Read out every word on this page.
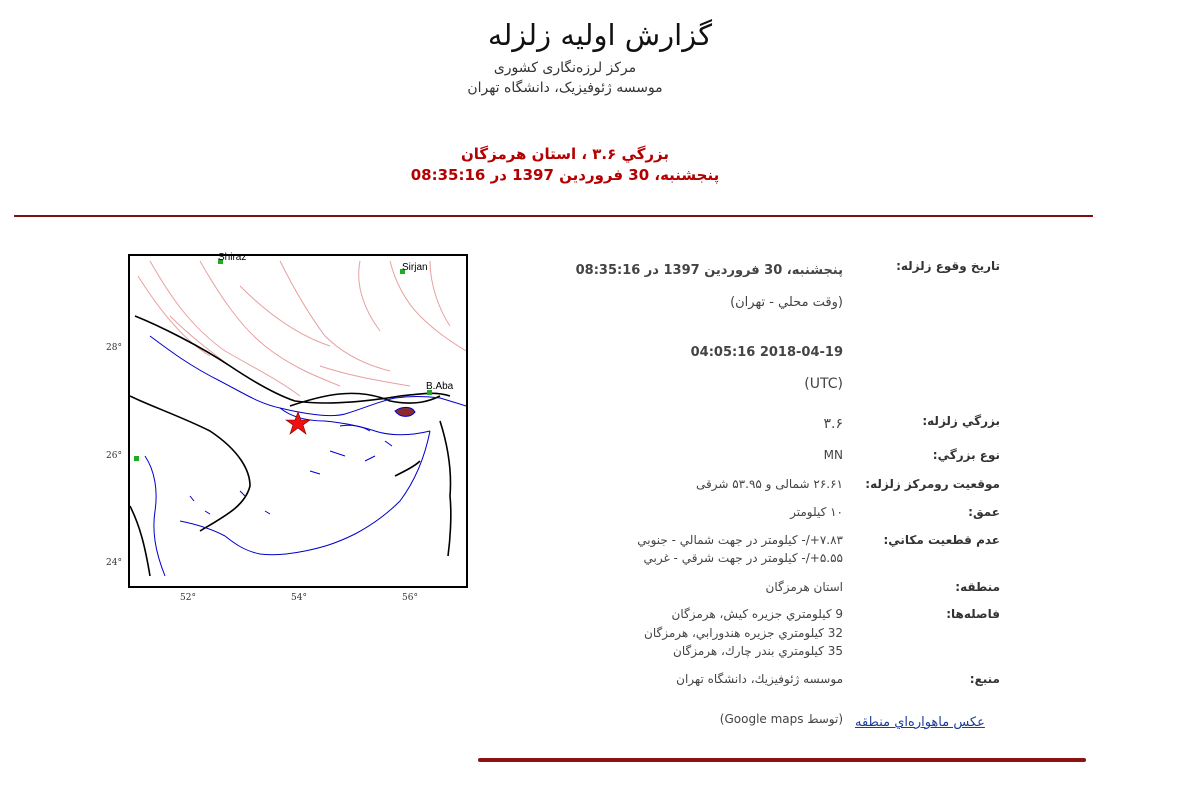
گزارش اولیه زلزله
مرکز لرزه‌نگاری کشوری
موسسه ژئوفیزیک، دانشگاه تهران
بزرگي ۳.۶ ، استان هرمزگان
پنجشنبه، 30 فروردين 1397 در 08:35:16
Shiraz
Sirjan
B.Aba
28°
26°
24°
52°	54°	56°
تاريخ وقوع زلزله:
پنجشنبه، 30 فروردين 1397 در 08:35:16
(وقت محلي - تهران)
2018-04-19 04:05:16
(UTC)
بزرگي زلزله:
۳.۶
نوع بزرگي:
MN
موقعيت رومرکز زلزله:
۲۶.۶۱ شمالی و ۵۳.۹۵ شرقی
عمق:
۱۰ کيلومتر
عدم قطعيت مکاني:
۷.۸۳+/- کيلومتر در جهت شمالي - جنوبي
۵.۵۵+/- کيلومتر در جهت شرقي - غربي
منطقه:
استان هرمزگان
فاصله‌ها:
9 کيلومتري جزيره کيش، هرمزگان
32 کيلومتري جزيره هندورابي، هرمزگان
35 کيلومتري بندر چارك، هرمزگان
منبع:
موسسه ژئوفيزيك، دانشگاه تهران
عکس ماهواره‌اي منطقه
(توسط Google maps)
